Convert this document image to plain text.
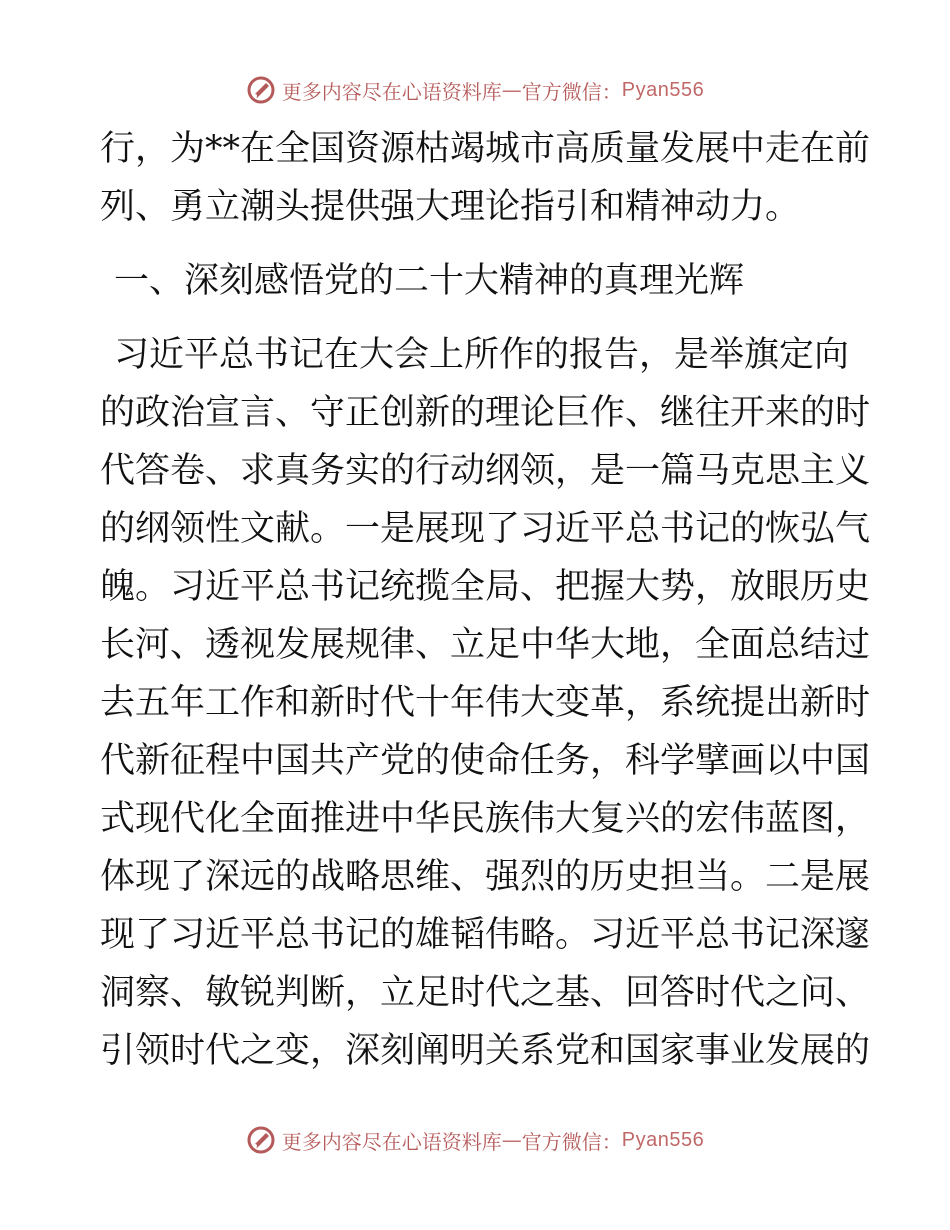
更多内容尽在心语资料库 — 官方微信： Pyan556
行，为**在全国资源枯竭城市高质量发展中走在前
列、勇立潮头提供强大理论指引和精神动力。
一、深刻感悟党的二十大精神的真理光辉
习近平总书记在大会上所作的报告，是举旗定向
的政治宣言、守正创新的理论巨作、继往开来的时
代答卷、求真务实的行动纲领，是一篇马克思主义
的纲领性文献。一是展现了习近平总书记的恢弘气
魄。习近平总书记统揽全局、把握大势，放眼历史
长河、透视发展规律、立足中华大地，全面总结过
去五年工作和新时代十年伟大变革，系统提出新时
代新征程中国共产党的使命任务，科学擘画以中国
式现代化全面推进中华民族伟大复兴的宏伟蓝图，
体现了深远的战略思维、强烈的历史担当。二是展
现了习近平总书记的雄韬伟略。习近平总书记深邃
洞察、敏锐判断，立足时代之基、回答时代之问、
引领时代之变，深刻阐明关系党和国家事业发展的
更多内容尽在心语资料库 — 官方微信： Pyan556
